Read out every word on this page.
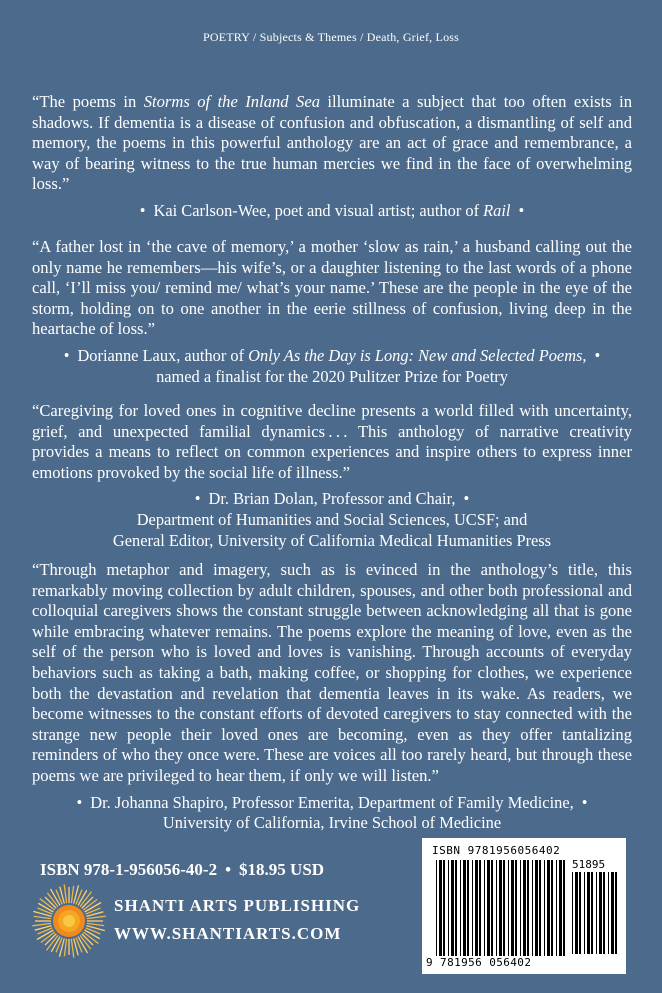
POETRY / Subjects & Themes / Death, Grief, Loss

“The poems in Storms of the Inland Sea illuminate a subject that too often exists in shadows. If dementia is a disease of confusion and obfuscation, a dismantling of self and memory, the poems in this powerful anthology are an act of grace and remembrance, a way of bearing witness to the true human mercies we find in the face of overwhelming loss.”

• Kai Carlson-Wee, poet and visual artist; author of Rail •

“A father lost in ‘the cave of memory,’ a mother ‘slow as rain,’ a husband calling out the only name he remembers—his wife’s, or a daughter listening to the last words of a phone call, ‘I’ll miss you/ remind me/ what’s your name.’ These are the people in the eye of the storm, holding on to one another in the eerie stillness of confusion, living deep in the heartache of loss.”

• Dorianne Laux, author of Only As the Day is Long: New and Selected Poems, •
named a finalist for the 2020 Pulitzer Prize for Poetry

“Caregiving for loved ones in cognitive decline presents a world filled with uncertainty, grief, and unexpected familial dynamics . . . This anthology of narrative creativity provides a means to reflect on common experiences and inspire others to express inner emotions provoked by the social life of illness.”

• Dr. Brian Dolan, Professor and Chair, •
Department of Humanities and Social Sciences, UCSF; and
General Editor, University of California Medical Humanities Press

“Through metaphor and imagery, such as is evinced in the anthology’s title, this remarkably moving collection by adult children, spouses, and other both professional and colloquial caregivers shows the constant struggle between acknowledging all that is gone while embracing whatever remains. The poems explore the meaning of love, even as the self of the person who is loved and loves is vanishing. Through accounts of everyday behaviors such as taking a bath, making coffee, or shopping for clothes, we experience both the devastation and revelation that dementia leaves in its wake. As readers, we become witnesses to the constant efforts of devoted caregivers to stay connected with the strange new people their loved ones are becoming, even as they offer tantalizing reminders of who they once were. These are voices all too rarely heard, but through these poems we are privileged to hear them, if only we will listen.”

• Dr. Johanna Shapiro, Professor Emerita, Department of Family Medicine, •
University of California, Irvine School of Medicine
ISBN 978-1-956056-40-2 • $18.95 USD
SHANTI ARTS PUBLISHING
WWW.SHANTIARTS.COM
ISBN 9781956056402
51895
9 781956 056402
